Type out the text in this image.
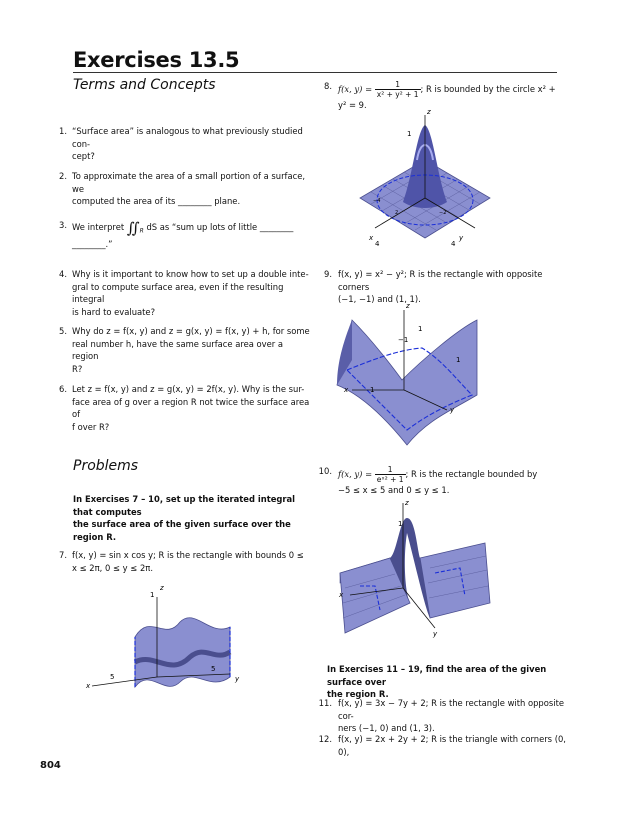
Exercises 13.5
Terms and Concepts
1. “Surface area” is analogous to what previously studied con-
cept?
2. To approximate the area of a small portion of a surface, we
computed the area of its ________ plane.
3. We interpret $∬_R$ dS as “sum up lots of little ________
________.”
4. Why is it important to know how to set up a double inte-
gral to compute surface area, even if the resulting integral
is hard to evaluate?
5. Why do z = f(x, y) and z = g(x, y) = f(x, y) + h, for some
real number h, have the same surface area over a region
R?
6. Let z = f(x, y) and z = g(x, y) = 2f(x, y). Why is the sur-
face area of g over a region R not twice the surface area of
f over R?
Problems
In Exercises 7 – 10, set up the iterated integral that computes
the surface area of the given surface over the region R.
7. f(x, y) = sin x cos y; R is the rectangle with bounds 0 ≤
x ≤ 2π, 0 ≤ y ≤ 2π.
z
1
x
5
5
y
8. f(x, $y) = \frac{1}{\text{x² + y² + 1}}$ ; R is bounded by the circle x² +
y² = 9.
z
1
x
4
y
4
2	−2
−4
9. f(x, y) = x² − y²; R is the rectangle with opposite corners
(−1, −1) and (1, 1).
z
1
−1
x	1
y
1
10. f(x, $y) = \frac{1}{\text{eˣ² + 1}}$ ; R is the rectangle bounded by
−5 ≤ x ≤ 5 and 0 ≤ y ≤ 1.
z
1
x
y
In Exercises 11 – 19, find the area of the given surface over
the region R.
11. f(x, y) = 3x − 7y + 2; R is the rectangle with opposite cor-
ners (−1, 0) and (1, 3).
12. f(x, y) = 2x + 2y + 2; R is the triangle with corners (0, 0),
804
